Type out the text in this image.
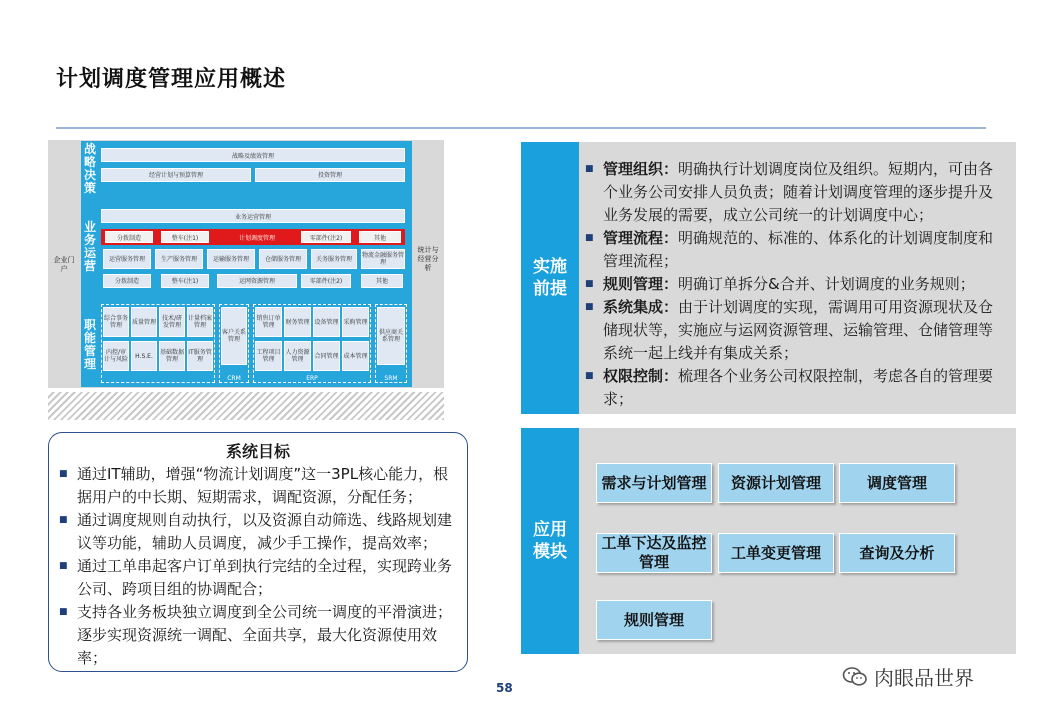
计划调度管理应用概述
企业门户
统计与经营分析
战略决策
战略及绩效管理
经营计划与预算管理	投资管理
业务运营
业务运营管理
分拨制造	整车(注1)	计划调度管理	零部件(注2)	其他
运营服务管理	生产服务管理	运输服务管理	仓储服务管理	关务服务管理	物流金融服务管理
分拨制造	整车(注1)	运网资源管理	零部件(注2)	其他
职能管理
综合事务管理	质量管理 技术/研发管理
计量档案管理
内控/审计与风险	H.S.E.	基础数据管理
IT服务管理
CRM
客户关系管理
ERP
销售订单管理	财务管理 设备管理 采购管理
工程项目管理
人力资源管理	合同管理 成本管理
SRM
供应商关系管理
系统目标
■ 通过IT辅助，增强“物流计划调度”这一3PL核心能力，根据用户的中长期、短期需求，调配资源，分配任务；
■ 通过调度规则自动执行，以及资源自动筛选、线路规划建议等功能，辅助人员调度，减少手工操作，提高效率；
■ 通过工单串起客户订单到执行完结的全过程，实现跨业务公司、跨项目组的协调配合；
■ 支持各业务板块独立调度到全公司统一调度的平滑演进；逐步实现资源统一调配、全面共享，最大化资源使用效率；
实施前提
■ 管理组织：明确执行计划调度岗位及组织。短期内，可由各个业务公司安排人员负责；随着计划调度管理的逐步提升及业务发展的需要，成立公司统一的计划调度中心；
■ 管理流程：明确规范的、标准的、体系化的计划调度制度和管理流程；
■ 规则管理：明确订单拆分&合并、计划调度的业务规则；
■ 系统集成：由于计划调度的实现，需调用可用资源现状及仓储现状等，实施应与运网资源管理、运输管理、仓储管理等系统一起上线并有集成关系；
■ 权限控制：梳理各个业务公司权限控制，考虑各自的管理要求；
应用模块
需求与计划管理	资源计划管理	调度管理
工单下达及监控管理
工单变更管理	查询及分析
规则管理
58	肉眼品世界
